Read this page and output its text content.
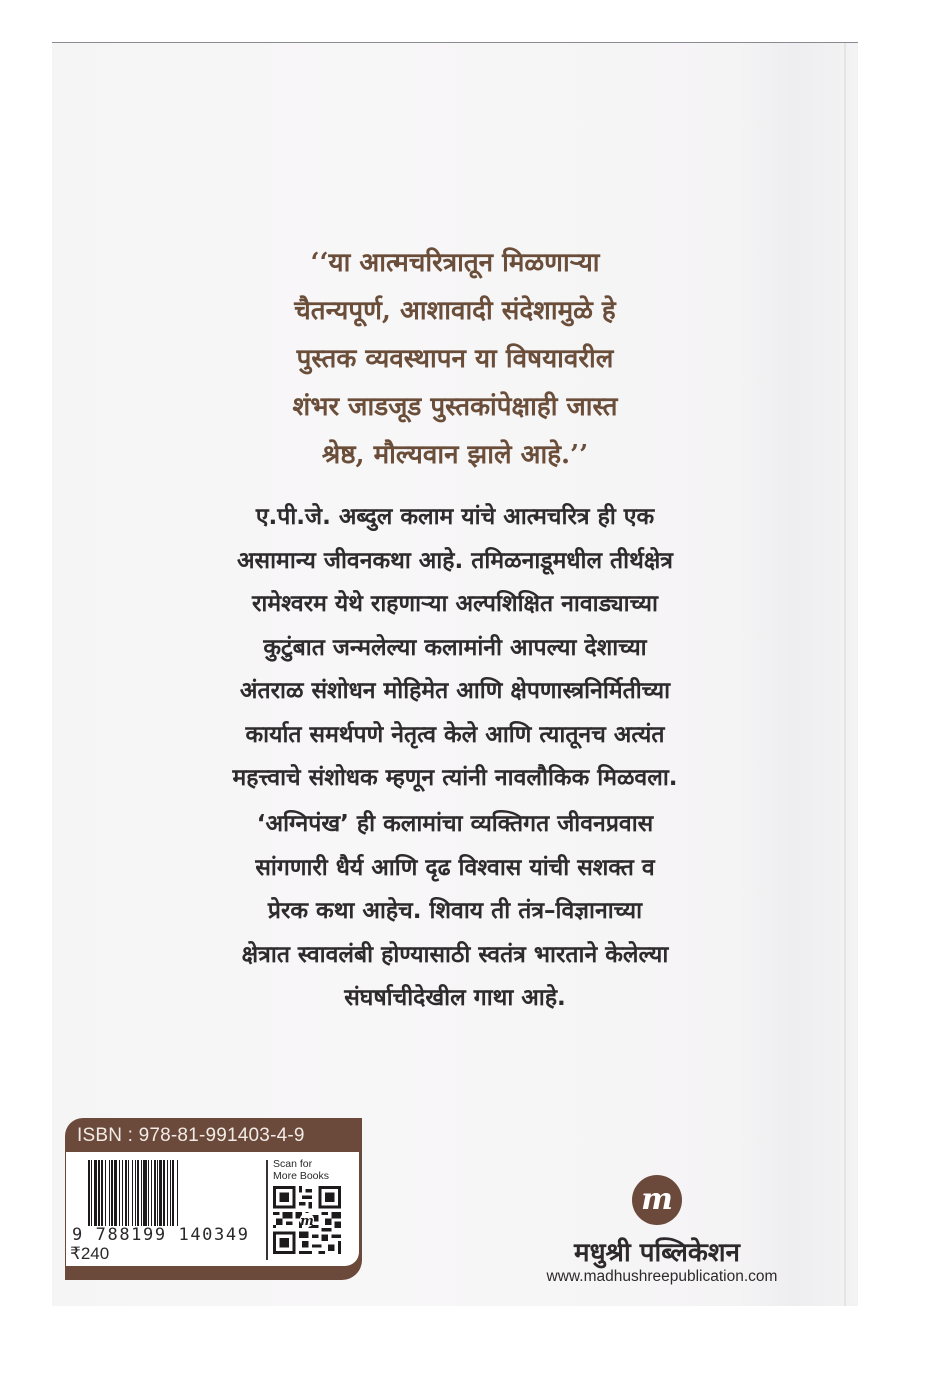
‘‘या आत्मचरित्रातून मिळणाऱ्या
चैतन्यपूर्ण, आशावादी संदेशामुळे हे
पुस्तक व्यवस्थापन या विषयावरील
शंभर जाडजूड पुस्तकांपेक्षाही जास्त
श्रेष्ठ, मौल्यवान झाले आहे.’’
ए.पी.जे. अब्दुल कलाम यांचे आत्मचरित्र ही एक
असामान्य जीवनकथा आहे. तमिळनाडूमधील तीर्थक्षेत्र
रामेश्वरम येथे राहणाऱ्या अल्पशिक्षित नावाड्याच्या
कुटुंबात जन्मलेल्या कलामांनी आपल्या देशाच्या
अंतराळ संशोधन मोहिमेत आणि क्षेपणास्त्रनिर्मितीच्या
कार्यात समर्थपणे नेतृत्व केले आणि त्यातूनच अत्यंत
महत्त्वाचे संशोधक म्हणून त्यांनी नावलौकिक मिळवला.
‘अग्निपंख’ ही कलामांचा व्यक्तिगत जीवनप्रवास
सांगणारी धैर्य आणि दृढ विश्वास यांची सशक्त व
प्रेरक कथा आहेच. शिवाय ती तंत्र–विज्ञानाच्या
क्षेत्रात स्वावलंबी होण्यासाठी स्वतंत्र भारताने केलेल्या
संघर्षाचीदेखील गाथा आहे.
ISBN : 978-81-991403-4-9
9 788199 140349
₹240
Scan for
More Books
m
m
मधुश्री पब्लिकेशन
www.madhushreepublication.com
